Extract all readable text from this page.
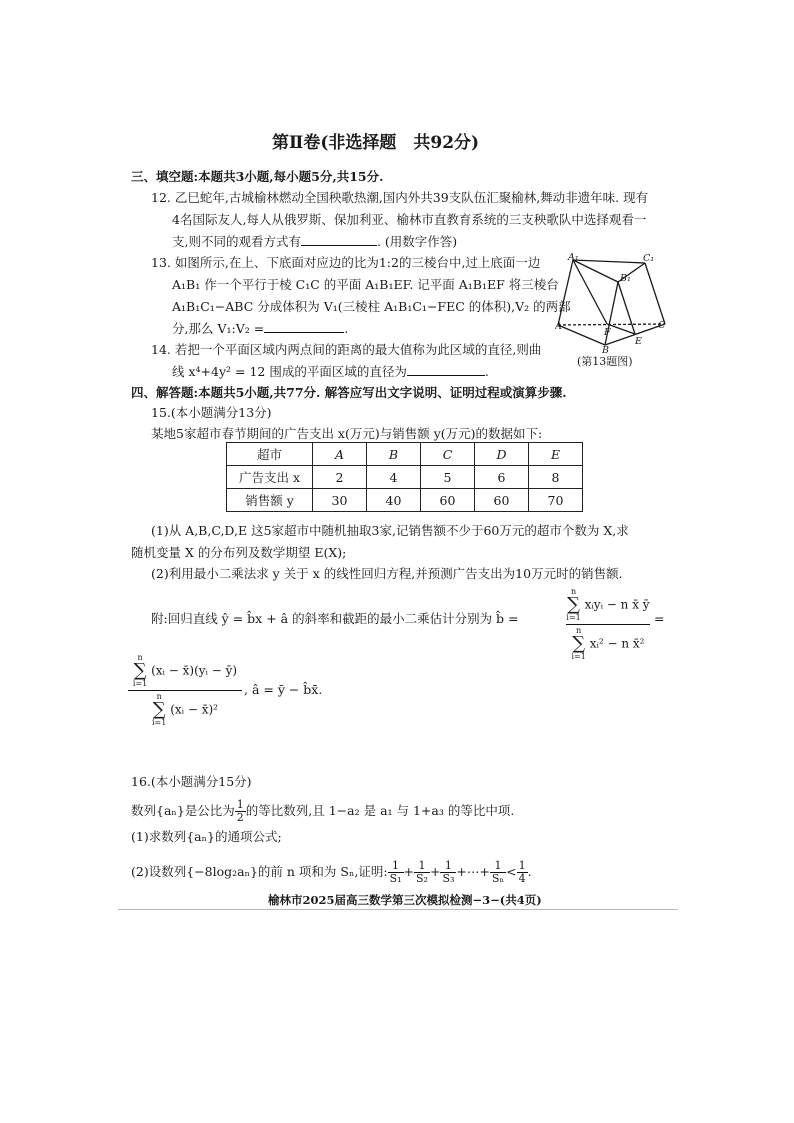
第Ⅱ卷(非选择题　共92分)
三、填空题:本题共3小题,每小题5分,共15分.
12. 乙巳蛇年,古城榆林燃动全国秧歌热潮,国内外共39支队伍汇聚榆林,舞动非遗年味. 现有
4名国际友人,每人从俄罗斯、保加利亚、榆林市直教育系统的三支秧歌队中选择观看一
支,则不同的观看方式有	. (用数字作答)
13. 如图所示,在上、下底面对应边的比为1:2的三棱台中,过上底面一边
A₁B₁ 作一个平行于棱 C₁C 的平面 A₁B₁EF. 记平面 A₁B₁EF 将三棱台
A₁B₁C₁−ABC 分成体积为 V₁(三棱柱 A₁B₁C₁−FEC 的体积),V₂ 的两部
分,那么 V₁:V₂ =	.
A₁	C₁
B₁
A
F
C
E
B
(第13题图)
14. 若把一个平面区域内两点间的距离的最大值称为此区域的直径,则曲
线 x⁴+4y² = 12 围成的平面区域的直径为	.
四、解答题:本题共5小题,共77分. 解答应写出文字说明、证明过程或演算步骤.
15.(本小题满分13分)
某地5家超市春节期间的广告支出 x(万元)与销售额 y(万元)的数据如下:
超市	A	B	C	D	E
广告支出 x	2	4	5	6	8
销售额 y	30	40	60	60	70
(1)从 A,B,C,D,E 这5家超市中随机抽取3家,记销售额不少于60万元的超市个数为 X,求
随机变量 X 的分布列及数学期望 E(X);
(2)利用最小二乘法求 y 关于 x 的线性回归方程,并预测广告支出为10万元时的销售额.
附:回归直线 ŷ = b̂x + â 的斜率和截距的最小二乘估计分别为 b̂ =
n
∑
i=1
xᵢyᵢ − n x̄ ȳ
n
∑
i=1
xᵢ² − n x̄²
=
n
∑
i=1
(xᵢ − x̄)(yᵢ − ȳ)
n
∑
i=1
(xᵢ − x̄)² , â = ȳ − b̂x̄.
16.(本小题满分15分)
数列{aₙ}是公比为 $\frac{1}{2}$ 的等比数列,且 1−a₂ 是 a₁ 与 1+a₃ 的等比中项.
(1)求数列{aₙ}的通项公式;
(2)设数列{−8log₂aₙ}的前 n 项和为 Sₙ,证明: $\frac{1}{\text{S₁}} + \frac{1}{\text{S₂}} + \frac{1}{\text{S₃}}$ +⋯+ $\frac{1}{\text{Sₙ}} < \frac{1}{4}$ .
榆林市2025届高三数学第三次模拟检测−3−(共4页)
